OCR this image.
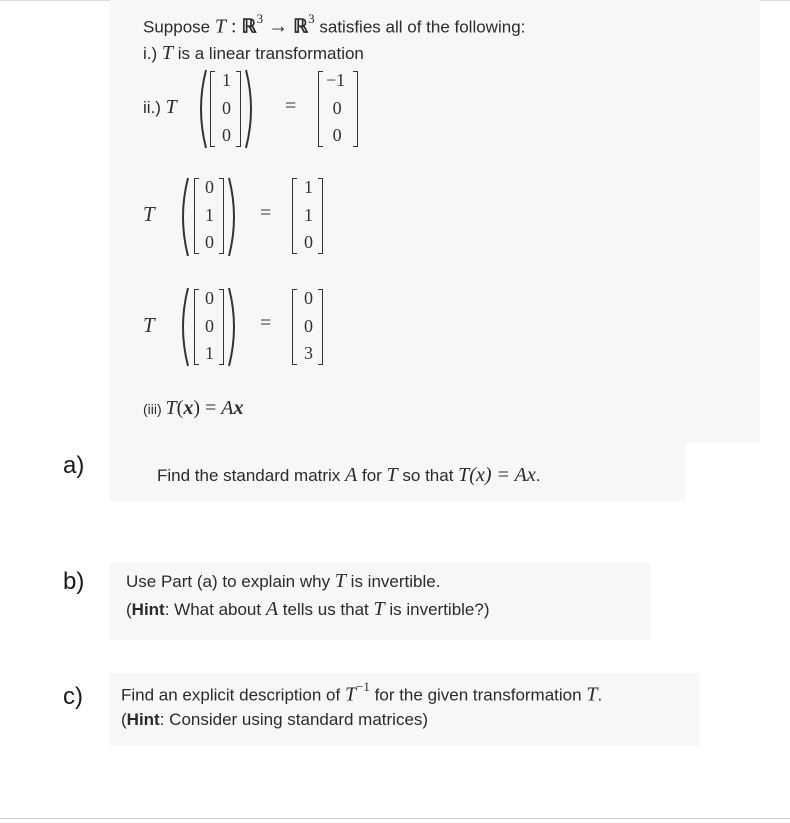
Suppose T : ℝ$^3$ → ℝ$^3$ satisfies all of the following:
i.) T is a linear transformation
ii.) T
1
0
0
=
−1
0
0
T
0
1
0
=
1
1
0
T
0
0
1
=
0
0
3
(iii) T(x) = Ax
a)	Find the standard matrix A for T so that T(x) = Ax.
b) Use Part (a) to explain why T is invertible.
(Hint: What about A tells us that T is invertible?)
c) Find an explicit description of $T^{-1}$ for the given transformation T.
(Hint: Consider using standard matrices)
